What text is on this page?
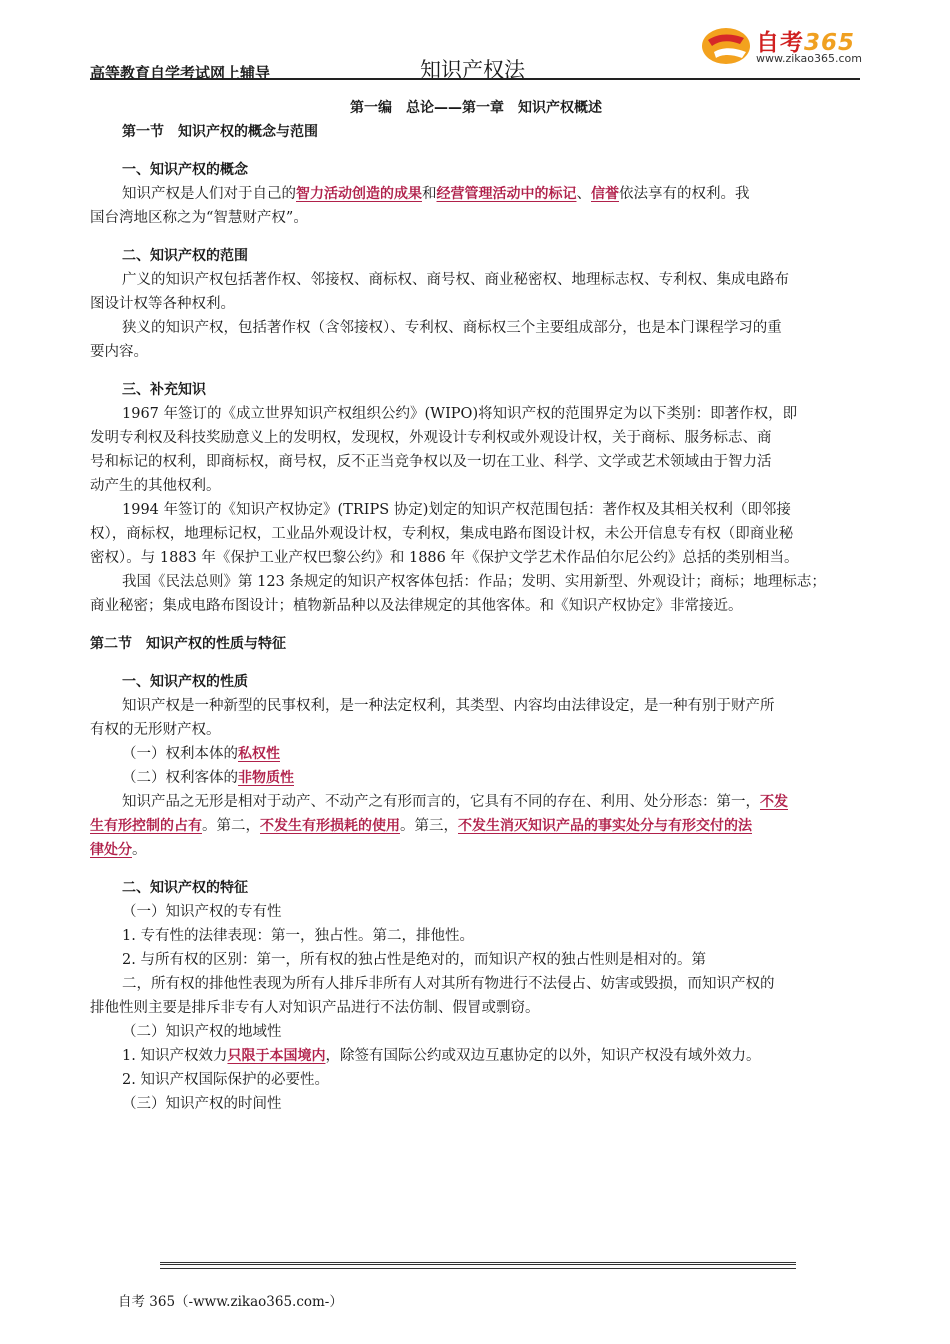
高等教育自学考试网上辅导	知识产权法
自考365
www.zikao365.com
第一编　总论——第一章　知识产权概述
第一节　知识产权的概念与范围
一、知识产权的概念
知识产权是人们对于自己的智力活动创造的成果和经营管理活动中的标记、信誉依法享有的权利。我
国台湾地区称之为“智慧财产权”。
二、知识产权的范围
广义的知识产权包括著作权、邻接权、商标权、商号权、商业秘密权、地理标志权、专利权、集成电路布
图设计权等各种权利。
狭义的知识产权，包括著作权（含邻接权）、专利权、商标权三个主要组成部分，也是本门课程学习的重
要内容。
三、补充知识
1967 年签订的《成立世界知识产权组织公约》(WIPO)将知识产权的范围界定为以下类别：即著作权，即
发明专利权及科技奖励意义上的发明权，发现权，外观设计专利权或外观设计权，关于商标、服务标志、商
号和标记的权利，即商标权，商号权，反不正当竞争权以及一切在工业、科学、文学或艺术领域由于智力活
动产生的其他权利。
1994 年签订的《知识产权协定》(TRIPS 协定)划定的知识产权范围包括：著作权及其相关权利（即邻接
权），商标权，地理标记权，工业品外观设计权，专利权，集成电路布图设计权，未公开信息专有权（即商业秘
密权）。与 1883 年《保护工业产权巴黎公约》和 1886 年《保护文学艺术作品伯尔尼公约》总括的类别相当。
我国《民法总则》第 123 条规定的知识产权客体包括：作品；发明、实用新型、外观设计；商标；地理标志；
商业秘密；集成电路布图设计；植物新品种以及法律规定的其他客体。和《知识产权协定》非常接近。
第二节　知识产权的性质与特征
一、知识产权的性质
知识产权是一种新型的民事权利，是一种法定权利，其类型、内容均由法律设定，是一种有别于财产所
有权的无形财产权。
（一）权利本体的私权性
（二）权利客体的非物质性
知识产品之无形是相对于动产、不动产之有形而言的，它具有不同的存在、利用、处分形态：第一，不发
生有形控制的占有。第二，不发生有形损耗的使用。第三，不发生消灭知识产品的事实处分与有形交付的法
律处分。
二、知识产权的特征
（一）知识产权的专有性
1. 专有性的法律表现：第一，独占性。第二，排他性。
2. 与所有权的区别：第一，所有权的独占性是绝对的，而知识产权的独占性则是相对的。第
二，所有权的排他性表现为所有人排斥非所有人对其所有物进行不法侵占、妨害或毁损，而知识产权的
排他性则主要是排斥非专有人对知识产品进行不法仿制、假冒或剽窃。
（二）知识产权的地域性
1. 知识产权效力只限于本国境内，除签有国际公约或双边互惠协定的以外，知识产权没有域外效力。
2. 知识产权国际保护的必要性。
（三）知识产权的时间性
自考 365（-www.zikao365.com-）
